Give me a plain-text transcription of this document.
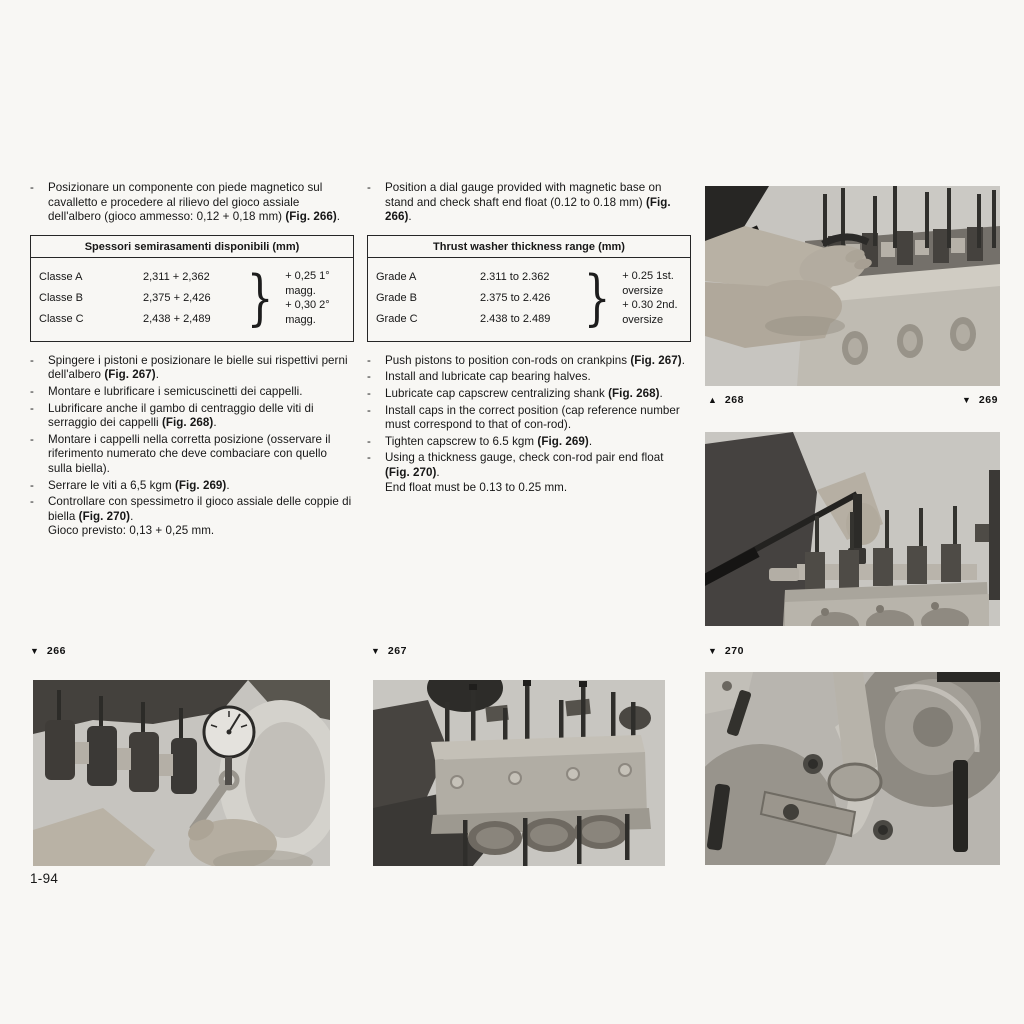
- Posizionare un componente con piede magnetico sul cavalletto e procedere al rilievo del gioco assiale dell'albero (gioco ammesso: 0,12 + 0,18 mm) (Fig. 266).
Spessori semirasamenti disponibili (mm)
Classe A	2,311 + 2,362
Classe B	2,375 + 2,426
Classe C	2,438 + 2,489 } + 0,25 1° magg.
+ 0,30 2° magg.
- Spingere i pistoni e posizionare le bielle sui rispettivi perni dell'albero (Fig. 267).
- Montare e lubrificare i semicuscinetti dei cappelli.
- Lubrificare anche il gambo di centraggio delle viti di serraggio dei cappelli (Fig. 268).
- Montare i cappelli nella corretta posizione (osservare il riferimento numerato che deve combaciare con quello sulla biella).
- Serrare le viti a 6,5 kgm (Fig. 269).
- Controllare con spessimetro il gioco assiale delle coppie di biella (Fig. 270).
Gioco previsto: 0,13 + 0,25 mm.
- Position a dial gauge provided with magnetic base on stand and check shaft end float (0.12 to 0.18 mm) (Fig. 266).
Thrust washer thickness range (mm)
Grade A	2.311 to 2.362
Grade B	2.375 to 2.426
Grade C	2.438 to 2.489 } + 0.25 1st. oversize
+ 0.30 2nd. oversize
- Push pistons to position con-rods on crankpins (Fig. 267).
- Install and lubricate cap bearing halves.
- Lubricate cap capscrew centralizing shank (Fig. 268).
- Install caps in the correct position (cap reference number must correspond to that of con-rod).
- Tighten capscrew to 6.5 kgm (Fig. 269).
- Using a thickness gauge, check con-rod pair end float (Fig. 270).
End float must be 0.13 to 0.25 mm.
▲ 268	▼ 269
▼ 270
▼ 266	▼ 267
1-94
